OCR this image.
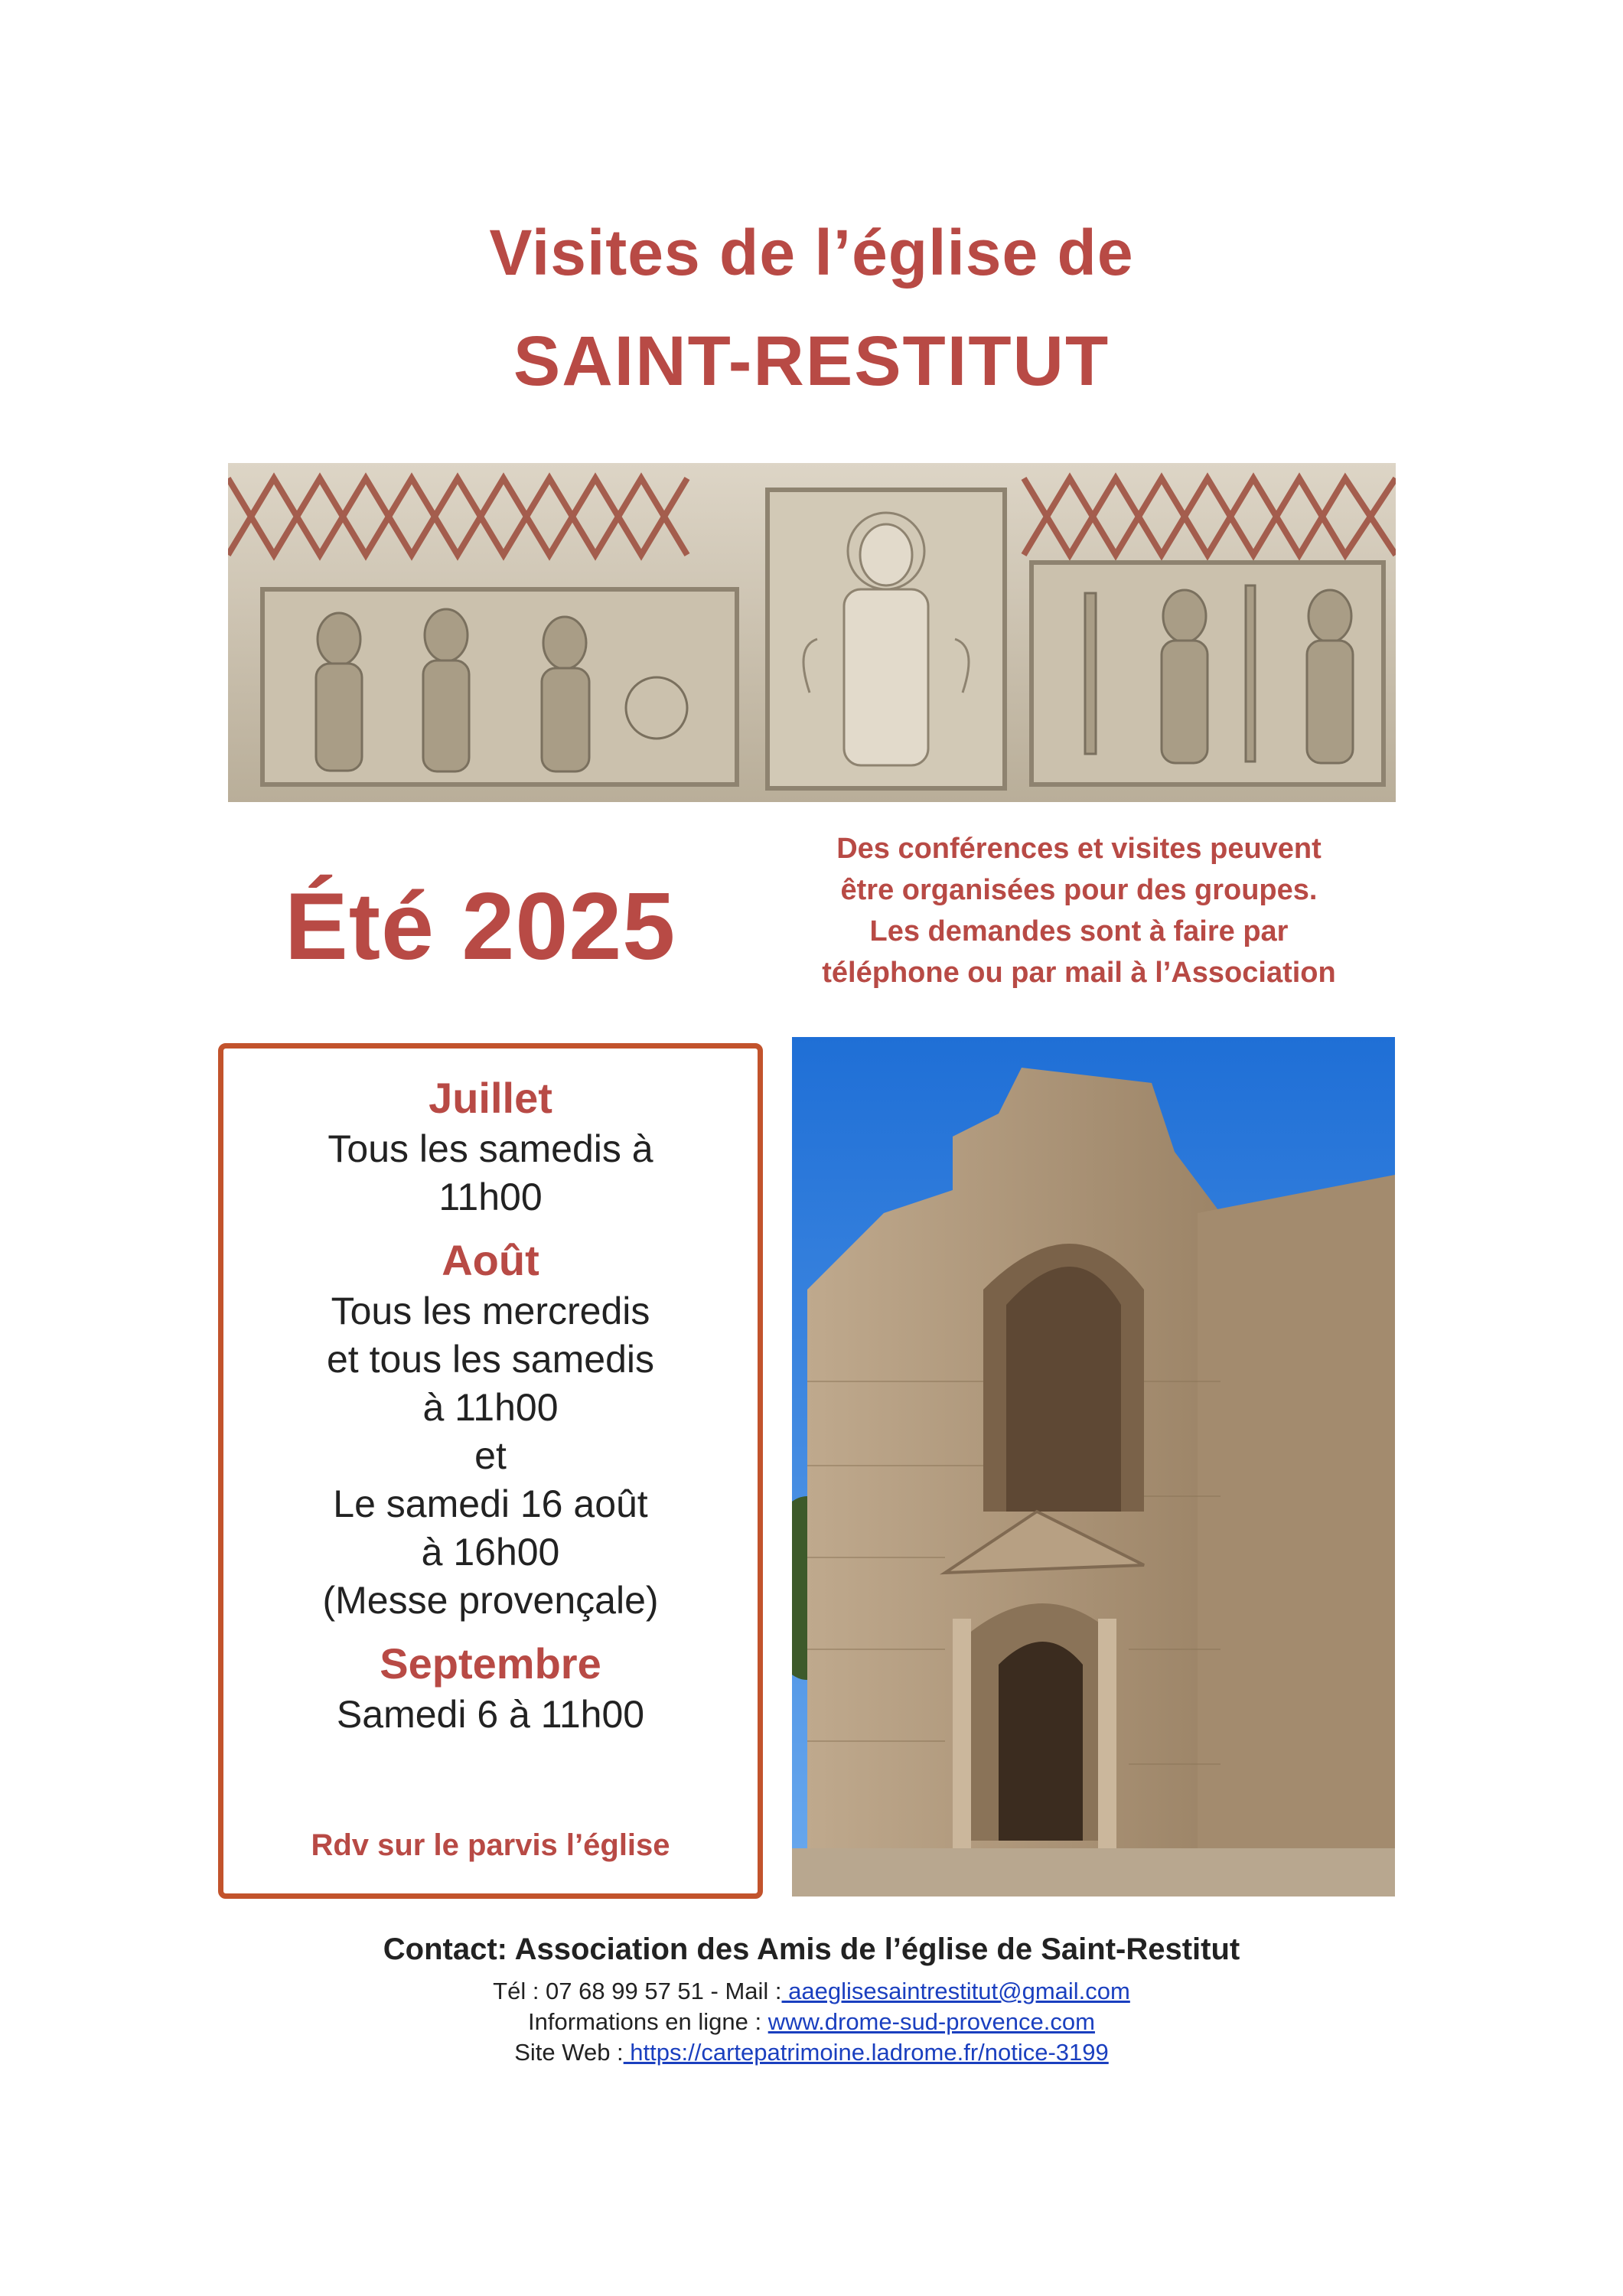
Visites de l’église de
SAINT-RESTITUT
Été 2025
Des conférences et visites peuvent
être organisées pour des groupes.
Les demandes sont à faire par
téléphone ou par mail à l’Association
Juillet
Tous les samedis à
11h00
Août
Tous les mercredis
et tous les samedis
à 11h00
et
Le samedi 16 août
à 16h00
(Messe provençale)
Septembre
Samedi 6 à 11h00
Rdv sur le parvis l’église
Contact: Association des Amis de l’église de Saint-Restitut
Tél : 07 68 99 57 51 - Mail : aaeglisesaintrestitut@gmail.com
Informations en ligne : www.drome-sud-provence.com
Site Web : https://cartepatrimoine.ladrome.fr/notice-3199
